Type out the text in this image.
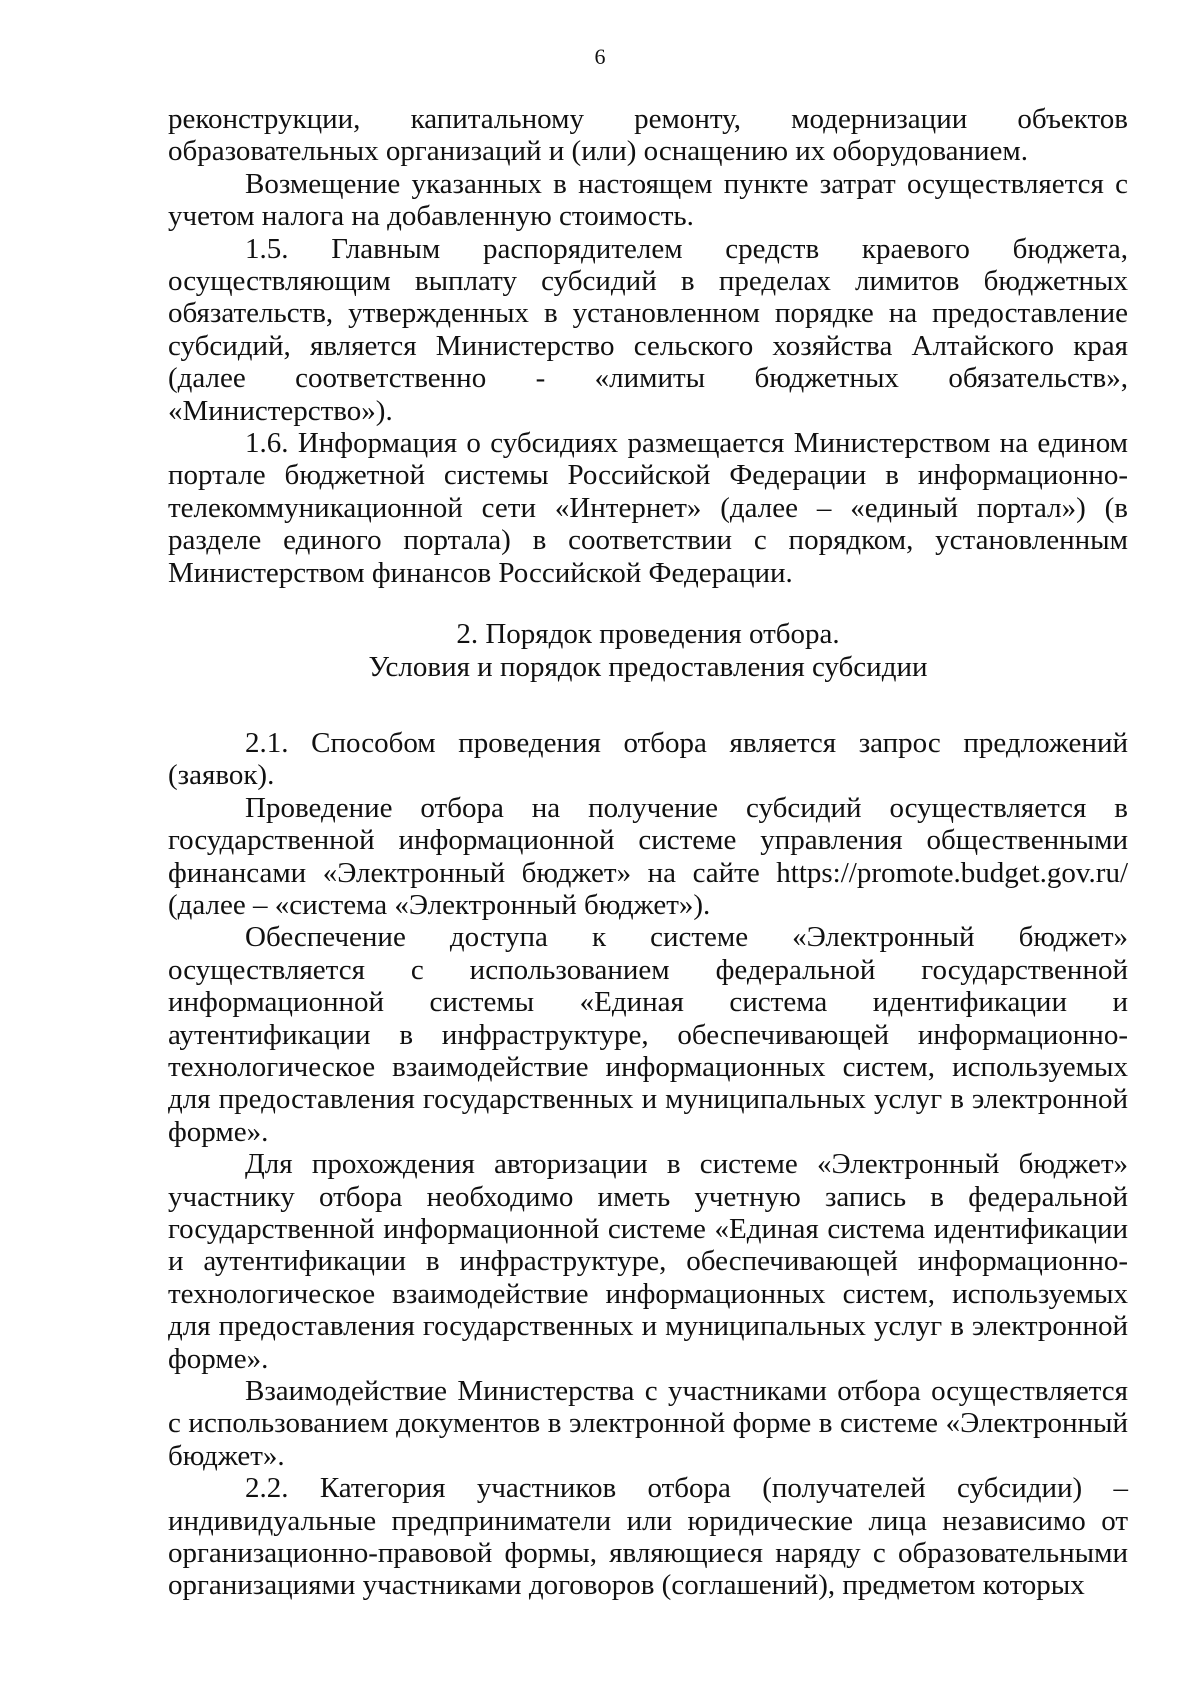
6

реконструкции, капитальному ремонту, модернизации объектов образовательных организаций и (или) оснащению их оборудованием.

Возмещение указанных в настоящем пункте затрат осуществляется с учетом налога на добавленную стоимость.

1.5. Главным распорядителем средств краевого бюджета, осуществляющим выплату субсидий в пределах лимитов бюджетных обязательств, утвержденных в установленном порядке на предоставление субсидий, является Министерство сельского хозяйства Алтайского края (далее соответственно - «лимиты бюджетных обязательств», «Министерство»).

1.6. Информация о субсидиях размещается Министерством на едином портале бюджетной системы Российской Федерации в информационно-телекоммуникационной сети «Интернет» (далее – «единый портал») (в разделе единого портала) в соответствии с порядком, установленным Министерством финансов Российской Федерации.

2. Порядок проведения отбора.
Условия и порядок предоставления субсидии

2.1. Способом проведения отбора является запрос предложений (заявок).

Проведение отбора на получение субсидий осуществляется в государственной информационной системе управления общественными финансами «Электронный бюджет» на сайте https://promote.budget.gov.ru/ (далее – «система «Электронный бюджет»).

Обеспечение доступа к системе «Электронный бюджет» осуществляется с использованием федеральной государственной информационной системы «Единая система идентификации и аутентификации в инфраструктуре, обеспечивающей информационно-технологическое взаимодействие информационных систем, используемых для предоставления государственных и муниципальных услуг в электронной форме».

Для прохождения авторизации в системе «Электронный бюджет» участнику отбора необходимо иметь учетную запись в федеральной государственной информационной системе «Единая система идентификации и аутентификации в инфраструктуре, обеспечивающей информационно-технологическое взаимодействие информационных систем, используемых для предоставления государственных и муниципальных услуг в электронной форме».

Взаимодействие Министерства с участниками отбора осуществляется с использованием документов в электронной форме в системе «Электронный бюджет».

2.2. Категория участников отбора (получателей субсидии) – индивидуальные предприниматели или юридические лица независимо от организационно-правовой формы, являющиеся наряду с образовательными организациями участниками договоров (соглашений), предметом которых
